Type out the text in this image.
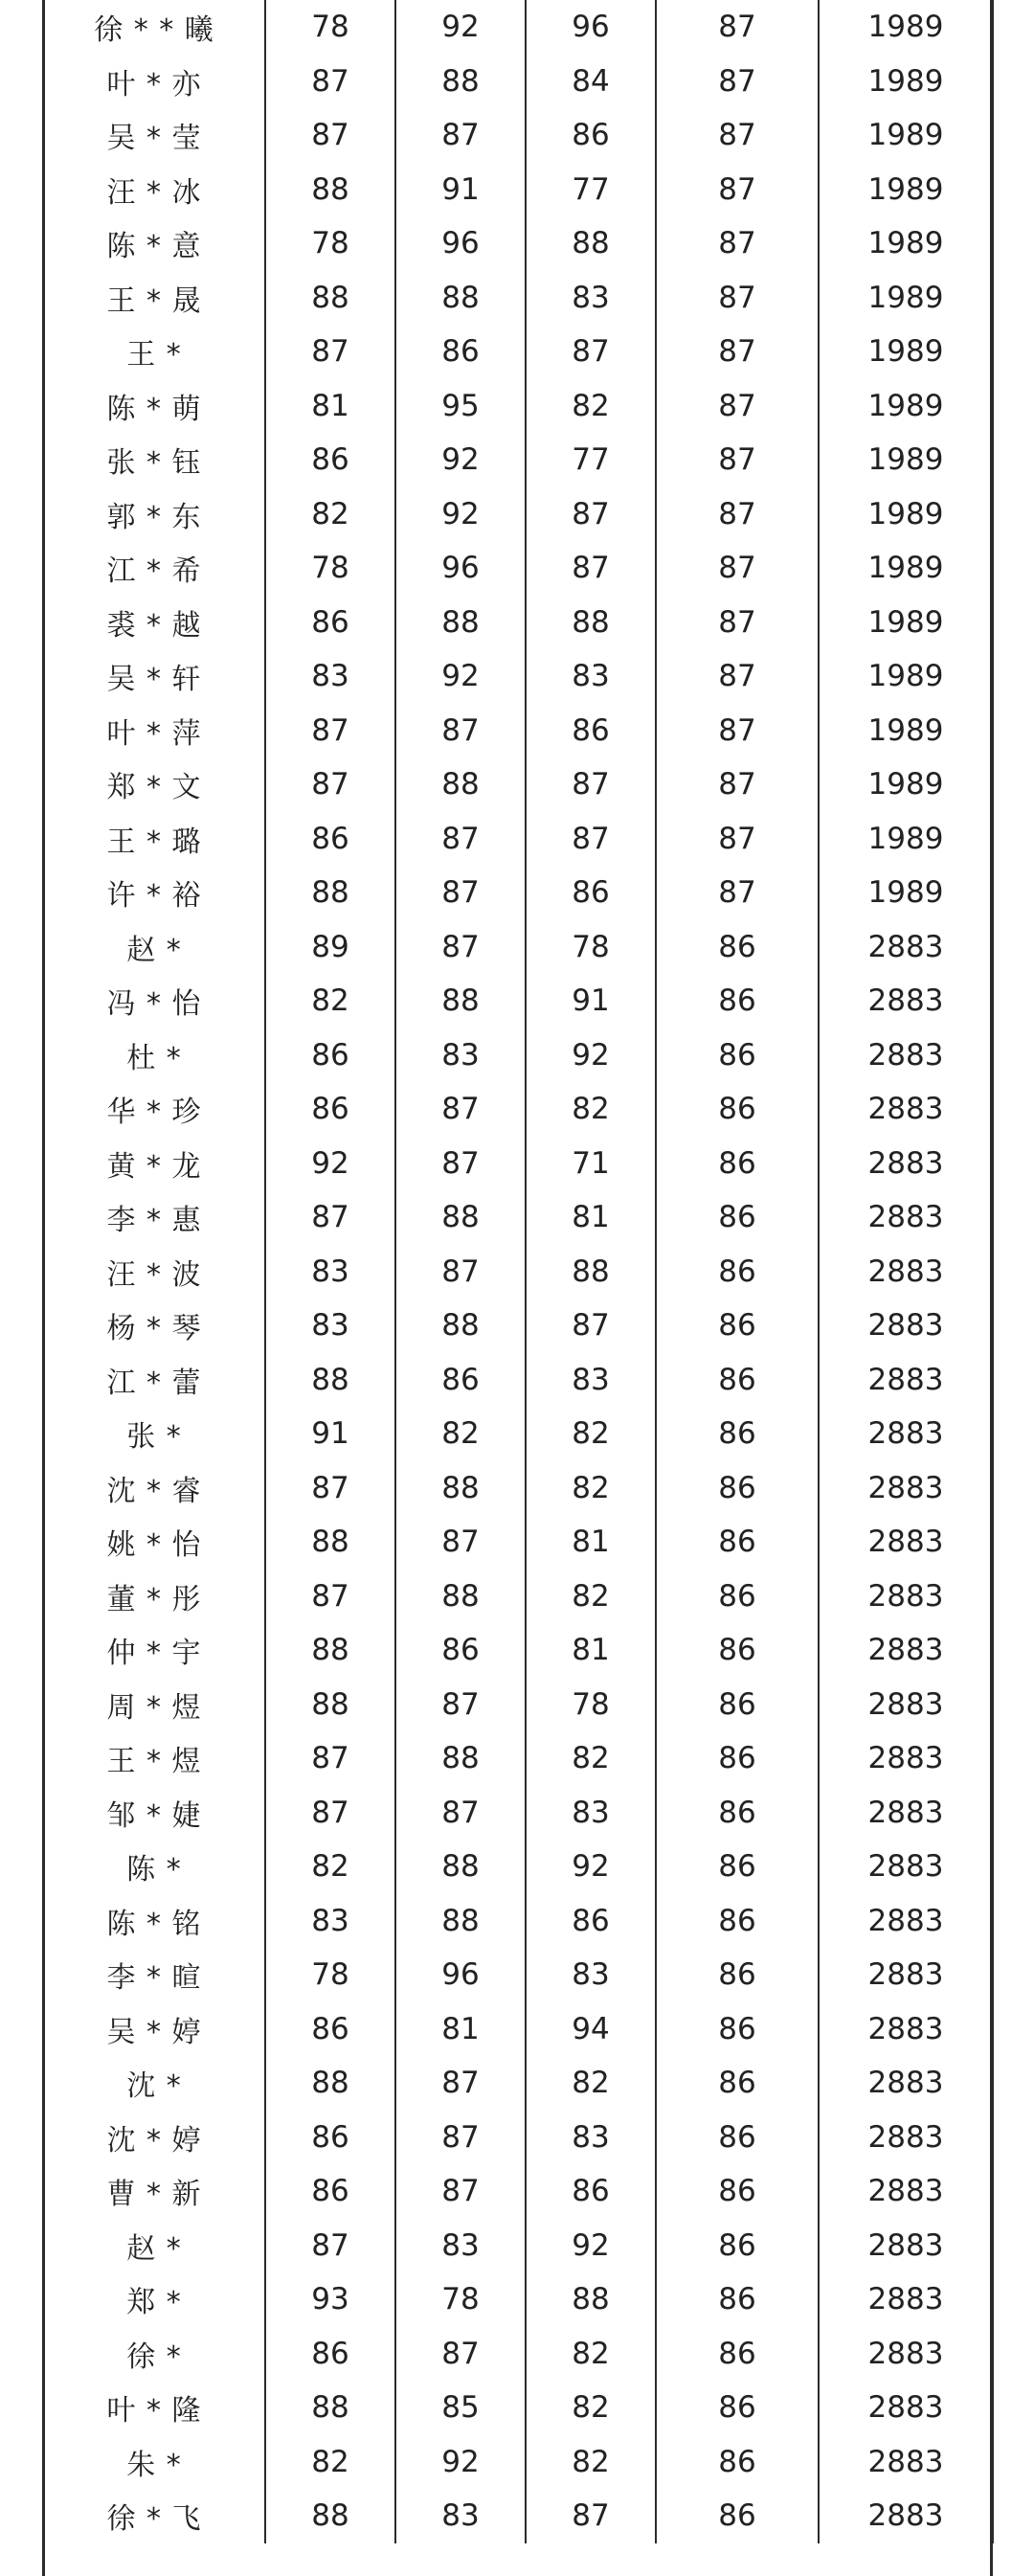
徐 * * 曦	78	92	96	87	1989
叶 * 亦	87	88	84	87	1989
吴 * 莹	87	87	86	87	1989
汪 * 冰	88	91	77	87	1989
陈 * 意	78	96	88	87	1989
王 * 晟	88	88	83	87	1989
王 *	87	86	87	87	1989
陈 * 萌	81	95	82	87	1989
张 * 钰	86	92	77	87	1989
郭 * 东	82	92	87	87	1989
江 * 希	78	96	87	87	1989
裘 * 越	86	88	88	87	1989
吴 * 轩	83	92	83	87	1989
叶 * 萍	87	87	86	87	1989
郑 * 文	87	88	87	87	1989
王 * 璐	86	87	87	87	1989
许 * 裕	88	87	86	87	1989
赵 *	89	87	78	86	2883
冯 * 怡	82	88	91	86	2883
杜 *	86	83	92	86	2883
华 * 珍	86	87	82	86	2883
黄 * 龙	92	87	71	86	2883
李 * 惠	87	88	81	86	2883
汪 * 波	83	87	88	86	2883
杨 * 琴	83	88	87	86	2883
江 * 蕾	88	86	83	86	2883
张 *	91	82	82	86	2883
沈 * 睿	87	88	82	86	2883
姚 * 怡	88	87	81	86	2883
董 * 彤	87	88	82	86	2883
仲 * 宇	88	86	81	86	2883
周 * 煜	88	87	78	86	2883
王 * 煜	87	88	82	86	2883
邹 * 婕	87	87	83	86	2883
陈 *	82	88	92	86	2883
陈 * 铭	83	88	86	86	2883
李 * 暄	78	96	83	86	2883
吴 * 婷	86	81	94	86	2883
沈 *	88	87	82	86	2883
沈 * 婷	86	87	83	86	2883
曹 * 新	86	87	86	86	2883
赵 *	87	83	92	86	2883
郑 *	93	78	88	86	2883
徐 *	86	87	82	86	2883
叶 * 隆	88	85	82	86	2883
朱 *	82	92	82	86	2883
徐 * 飞	88	83	87	86	2883
